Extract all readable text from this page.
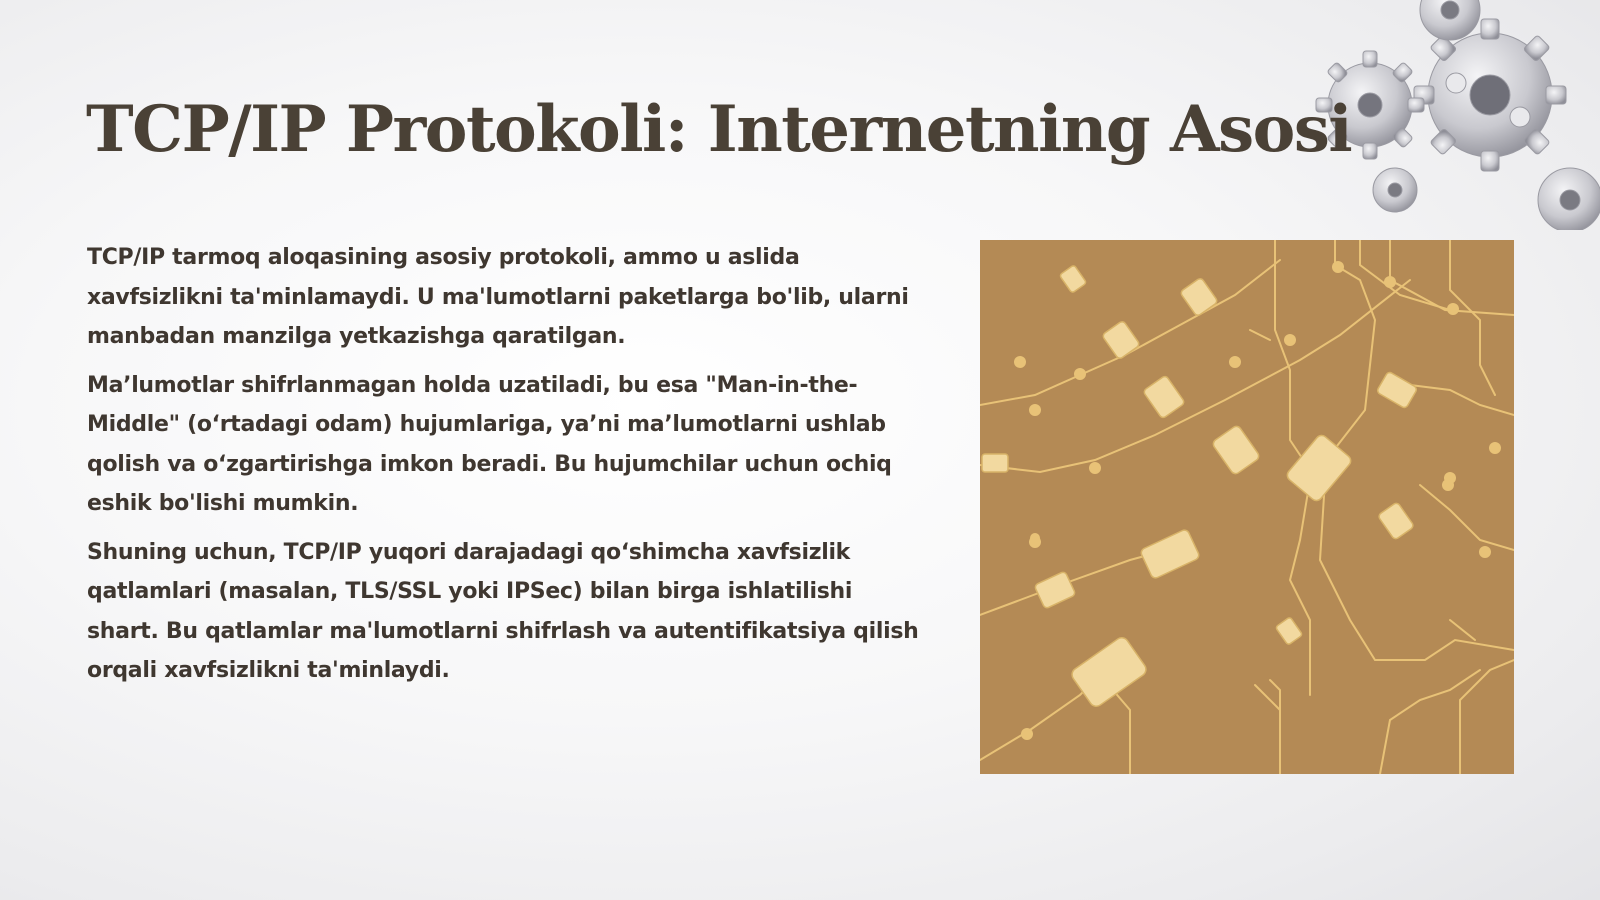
TCP/IP Protokoli: Internetning Asosi

TCP/IP tarmoq aloqasining asosiy protokoli, ammo u aslida xavfsizlikni ta'minlamaydi. U ma'lumotlarni paketlarga bo'lib, ularni manbadan manzilga yetkazishga qaratilgan.

Ma’lumotlar shifrlanmagan holda uzatiladi, bu esa "Man-in-the-Middle" (o‘rtadagi odam) hujumlariga, ya’ni ma’lumotlarni ushlab qolish va o‘zgartirishga imkon beradi. Bu hujumchilar uchun ochiq eshik bo'lishi mumkin.

Shuning uchun, TCP/IP yuqori darajadagi qo‘shimcha xavfsizlik qatlamlari (masalan, TLS/SSL yoki IPSec) bilan birga ishlatilishi shart. Bu qatlamlar ma'lumotlarni shifrlash va autentifikatsiya qilish orqali xavfsizlikni ta'minlaydi.
